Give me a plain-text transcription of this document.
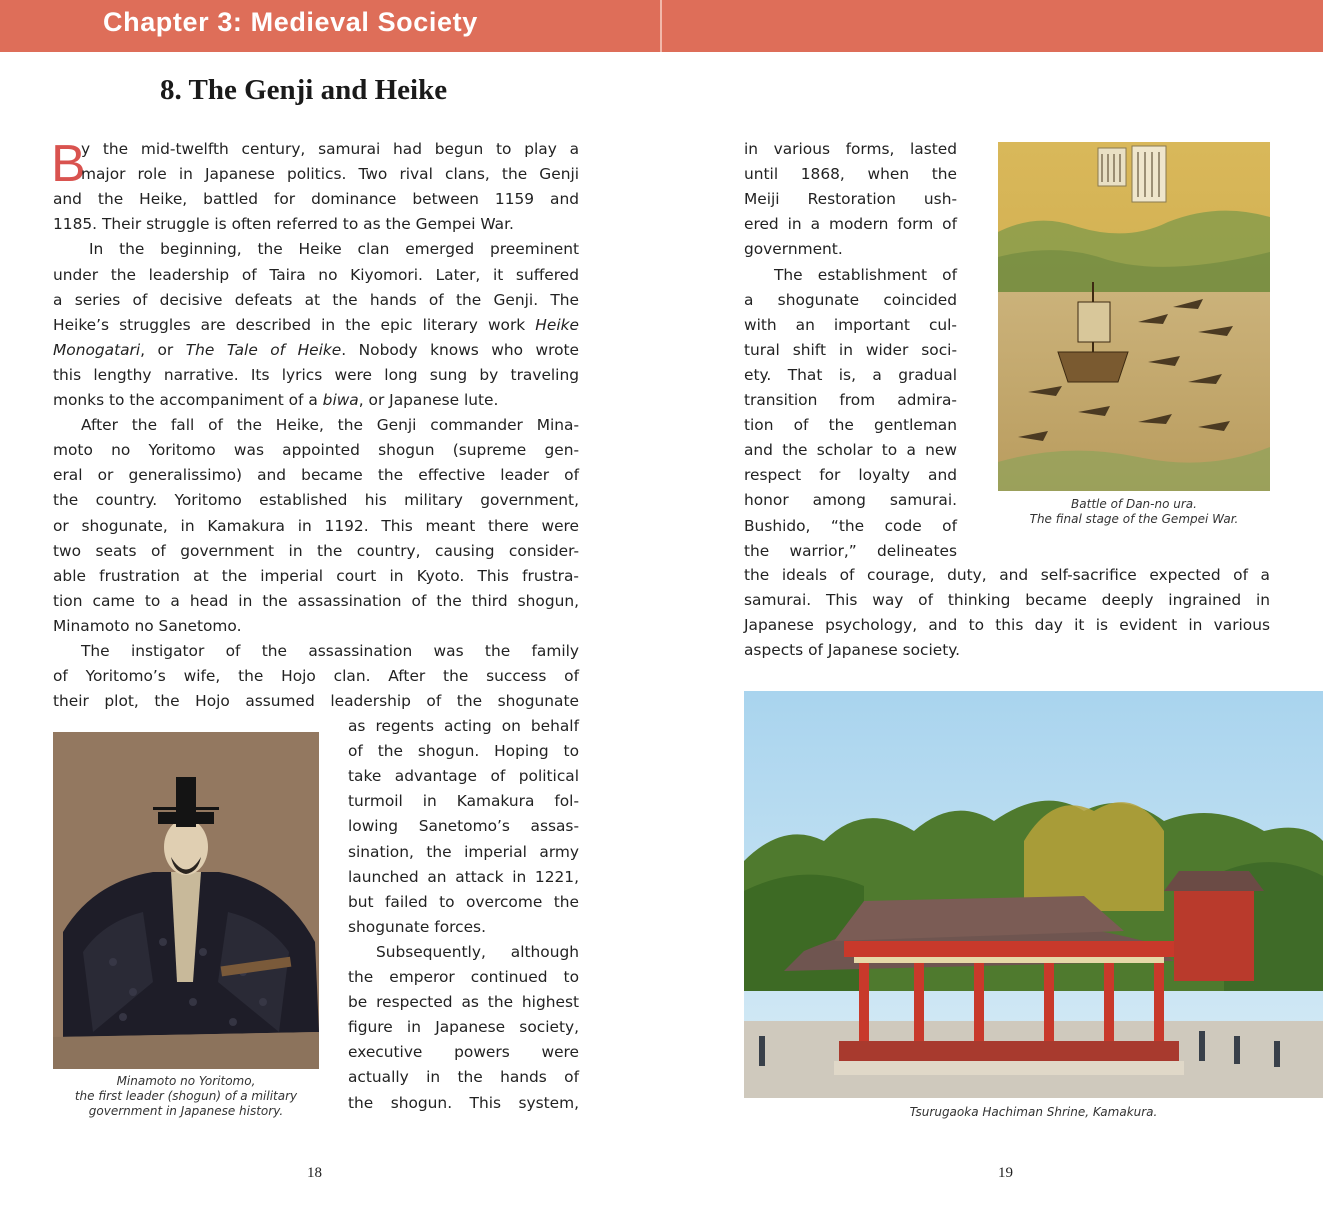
Chapter 3: Medieval Society
8. The Genji and Heike
B
y the mid-twelfth century, samurai had begun to play a
major role in Japanese politics. Two rival clans, the Genji
and the Heike, battled for dominance between 1159 and
1185. Their struggle is often referred to as the Gempei War.
In the beginning, the Heike clan emerged preeminent
under the leadership of Taira no Kiyomori. Later, it suffered
a series of decisive defeats at the hands of the Genji. The
Heike’s struggles are described in the epic literary work Heike
Monogatari, or The Tale of Heike. Nobody knows who wrote
this lengthy narrative. Its lyrics were long sung by traveling
monks to the accompaniment of a biwa, or Japanese lute.
After the fall of the Heike, the Genji commander Mina-
moto no Yoritomo was appointed shogun (supreme gen-
eral or generalissimo) and became the effective leader of
the country. Yoritomo established his military government,
or shogunate, in Kamakura in 1192. This meant there were
two seats of government in the country, causing consider-
able frustration at the imperial court in Kyoto. This frustra-
tion came to a head in the assassination of the third shogun,
Minamoto no Sanetomo.
The instigator of the assassination was the family
of Yoritomo’s wife, the Hojo clan. After the success of
their plot, the Hojo assumed leadership of the shogunate
as regents acting on behalf
of the shogun. Hoping to
take advantage of political
turmoil in Kamakura fol-
lowing Sanetomo’s assas-
sination, the imperial army
launched an attack in 1221,
but failed to overcome the
shogunate forces.
Subsequently, although
the emperor continued to
be respected as the highest
figure in Japanese society,
executive powers were
actually in the hands of
the shogun. This system,
in various forms, lasted
until 1868, when the
Meiji Restoration ush-
ered in a modern form of
government.
The establishment of
a shogunate coincided
with an important cul-
tural shift in wider soci-
ety. That is, a gradual
transition from admira-
tion of the gentleman
and the scholar to a new
respect for loyalty and
honor among samurai.
Bushido, “the code of
the warrior,” delineates
the ideals of courage, duty, and self-sacrifice expected of a
samurai. This way of thinking became deeply ingrained in
Japanese psychology, and to this day it is evident in various
aspects of Japanese society.
Battle of Dan-no ura.
The final stage of the Gempei War.
Minamoto no Yoritomo,
the first leader (shogun) of a military
government in Japanese history.	Tsurugaoka Hachiman Shrine, Kamakura.
18	19
